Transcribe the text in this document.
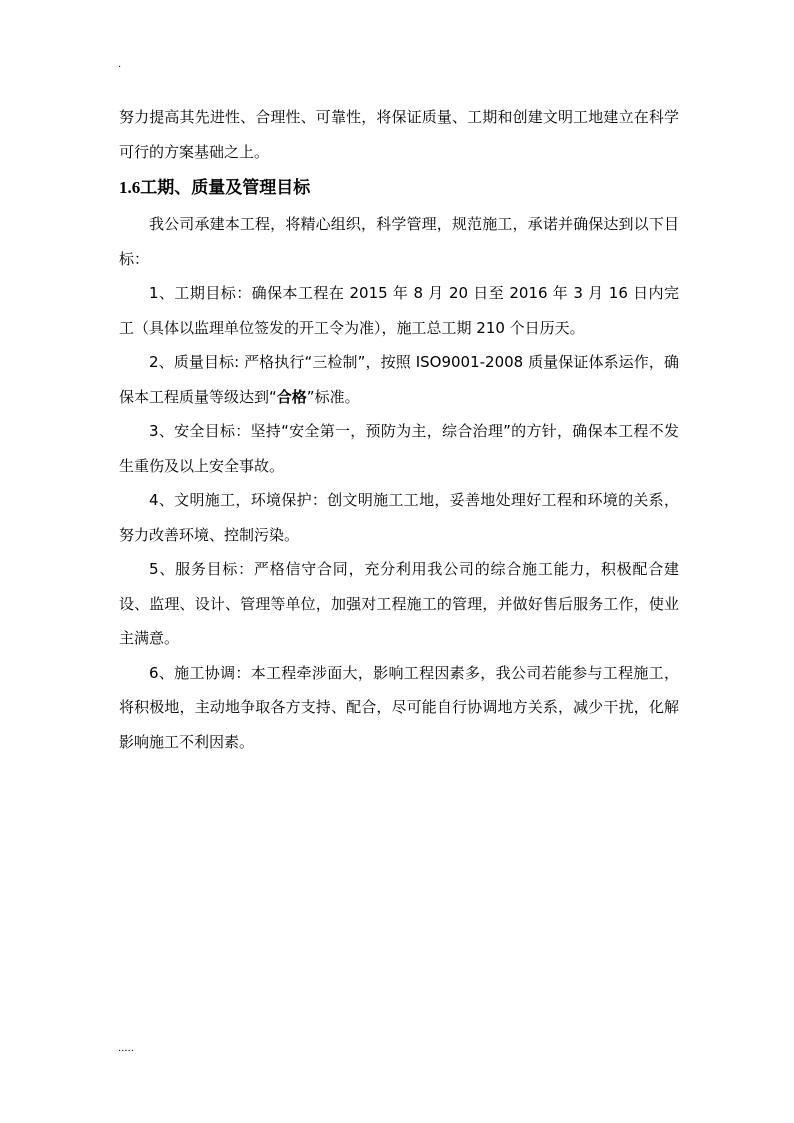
.

努力提高其先进性、合理性、可靠性，将保证质量、工期和创建文明工地建立在科学可行的方案基础之上。

1.6工期、质量及管理目标

我公司承建本工程，将精心组织，科学管理，规范施工，承诺并确保达到以下目标：

1、工期目标：确保本工程在 2015 年 8 月 20 日至 2016 年 3 月 16 日内完工（具体以监理单位签发的开工令为准），施工总工期 210 个日历天。

2、质量目标: 严格执行“三检制”，按照 ISO9001-2008 质量保证体系运作，确保本工程质量等级达到“合格”标准。

3、安全目标：坚持“安全第一，预防为主，综合治理”的方针，确保本工程不发生重伤及以上安全事故。

4、文明施工，环境保护：创文明施工工地，妥善地处理好工程和环境的关系，努力改善环境、控制污染。

5、服务目标：严格信守合同，充分利用我公司的综合施工能力，积极配合建设、监理、设计、管理等单位，加强对工程施工的管理，并做好售后服务工作，使业主满意。

6、施工协调：本工程牵涉面大，影响工程因素多，我公司若能参与工程施工，将积极地，主动地争取各方支持、配合，尽可能自行协调地方关系，减少干扰，化解影响施工不利因素。

.....
